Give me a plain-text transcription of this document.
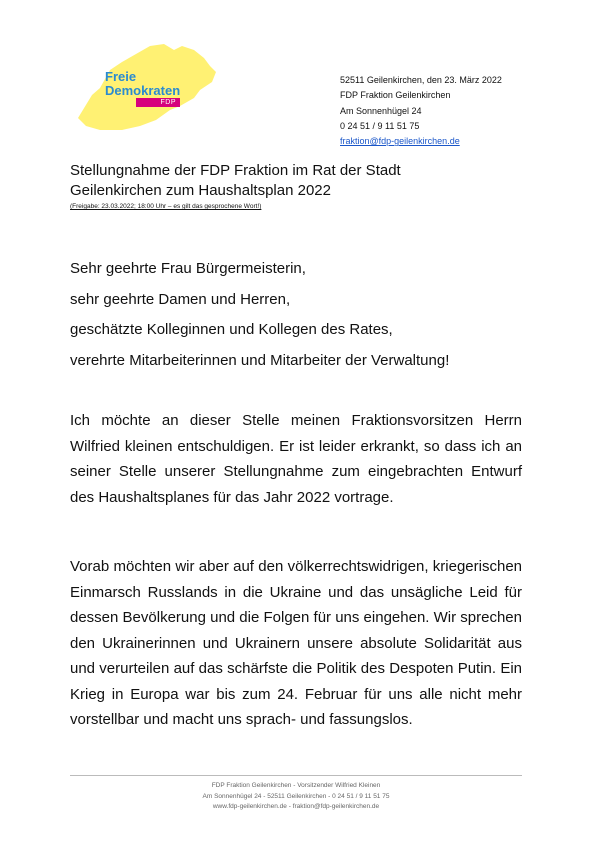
Freie
Demokraten
FDP
52511 Geilenkirchen, den 23. März 2022
FDP Fraktion Geilenkirchen
Am Sonnenhügel 24
0 24 51 / 9 11 51 75
fraktion@fdp-geilenkirchen.de
Stellungnahme der FDP Fraktion im Rat der Stadt
Geilenkirchen zum Haushaltsplan 2022
(Freigabe: 23.03.2022; 18:00 Uhr – es gilt das gesprochene Wort!)
Sehr geehrte Frau Bürgermeisterin,
sehr geehrte Damen und Herren,
geschätzte Kolleginnen und Kollegen des Rates,
verehrte Mitarbeiterinnen und Mitarbeiter der Verwaltung!

Ich möchte an dieser Stelle meinen Fraktionsvorsitzen Herrn Wilfried kleinen entschuldigen. Er ist leider erkrankt, so dass ich an seiner Stelle unserer Stellungnahme zum eingebrachten Entwurf des Haushaltsplanes für das Jahr 2022 vortrage.

Vorab möchten wir aber auf den völkerrechtswidrigen, kriegerischen Einmarsch Russlands in die Ukraine und das unsägliche Leid für dessen Bevölkerung und die Folgen für uns eingehen. Wir sprechen den Ukrainerinnen und Ukrainern unsere absolute Solidarität aus und verurteilen auf das schärfste die Politik des Despoten Putin. Ein Krieg in Europa war bis zum 24. Februar für uns alle nicht mehr vorstellbar und macht uns sprach- und fassungslos.

FDP Fraktion Geilenkirchen - Vorsitzender Wilfried Kleinen
Am Sonnenhügel 24 - 52511 Geilenkirchen - 0 24 51 / 9 11 51 75
www.fdp-geilenkirchen.de - fraktion@fdp-geilenkirchen.de
